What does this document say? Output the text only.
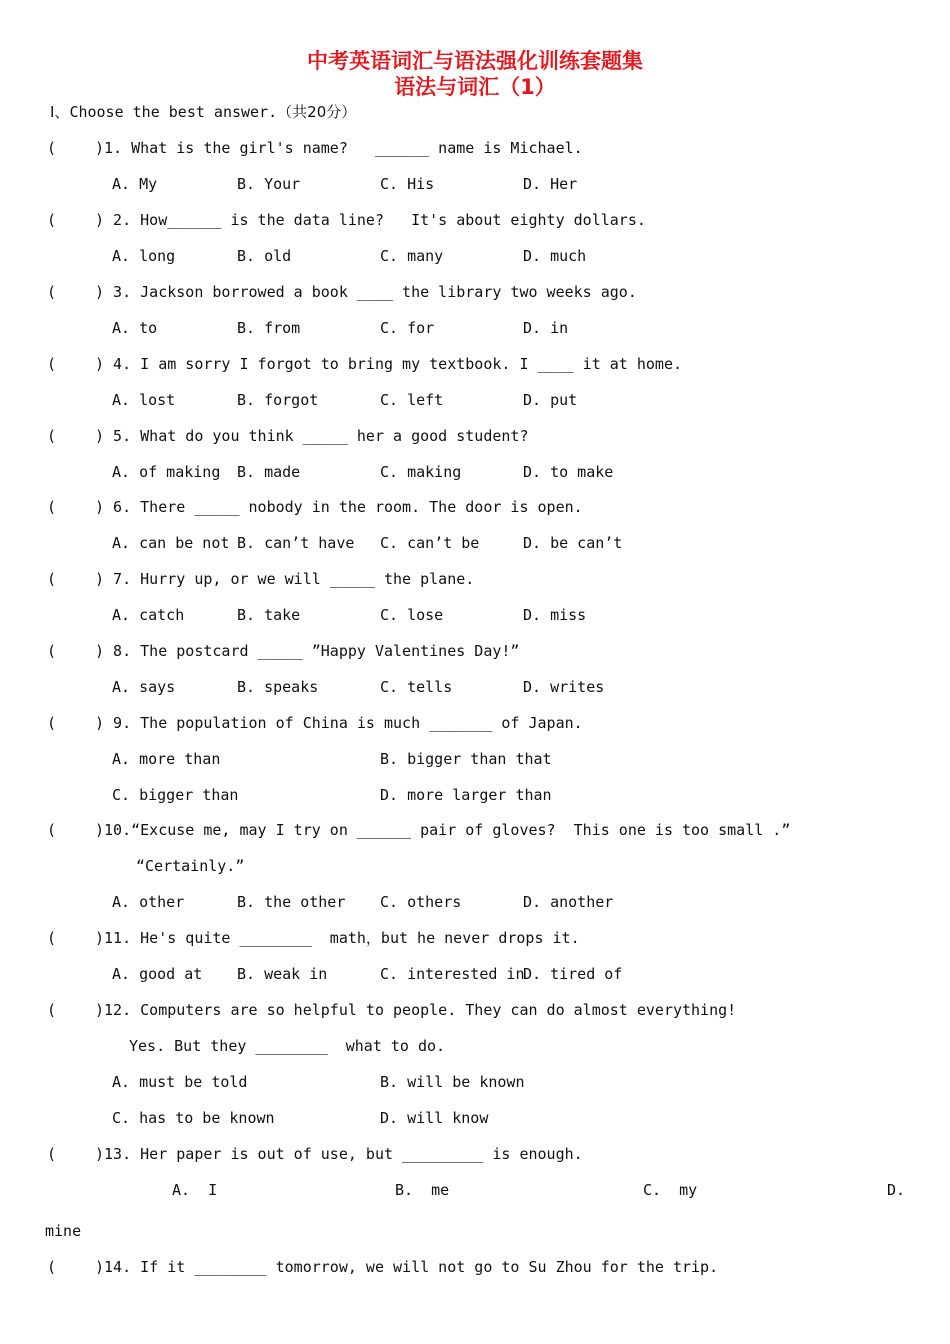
中考英语词汇与语法强化训练套题集
语法与词汇（1）
Ⅰ、Choose the best answer.（共20分）
(	)1. What is the girl's name?   ______ name is Michael.
A. My	B. Your	C. His	D. Her
(	) 2. How______ is the data line?   It's about eighty dollars.
A. long	B. old	C. many	D. much
(	) 3. Jackson borrowed a book ____ the library two weeks ago.
A. to	B. from	C. for	D. in
(	) 4. I am sorry I forgot to bring my textbook. I ____ it at home.
A. lost	B. forgot	C. left	D. put
(	) 5. What do you think _____ her a good student?
A. of making B. made	C. making	D. to make
(	) 6. There _____ nobody in the room. The door is open.
A. can be not B. can’t have C. can’t be	D. be can’t
(	) 7. Hurry up, or we will _____ the plane.
A. catch	B. take	C. lose	D. miss
(	) 8. The postcard _____ ”Happy Valentines Day!”
A. says	B. speaks	C. tells	D. writes
(	) 9. The population of China is much _______ of Japan.
A. more than	B. bigger than that
C. bigger than	D. more larger than
(	)10.“Excuse me, may I try on ______ pair of gloves?  This one is too small .”
“Certainly.”
A. other	B. the other C. others	D. another
(	)11. He's quite ________  math，but he never drops it.
A. good at B. weak in	C. interested in
D. tired of
(	)12. Computers are so helpful to people. They can do almost everything!
Yes. But they ________  what to do.
A. must be told	B. will be known
C. has to be known	D. will know
(	)13. Her paper is out of use, but _________ is enough.
A.  I	B.  me	C.  my	D.
mine
(	)14. If it ________ tomorrow, we will not go to Su Zhou for the trip.
